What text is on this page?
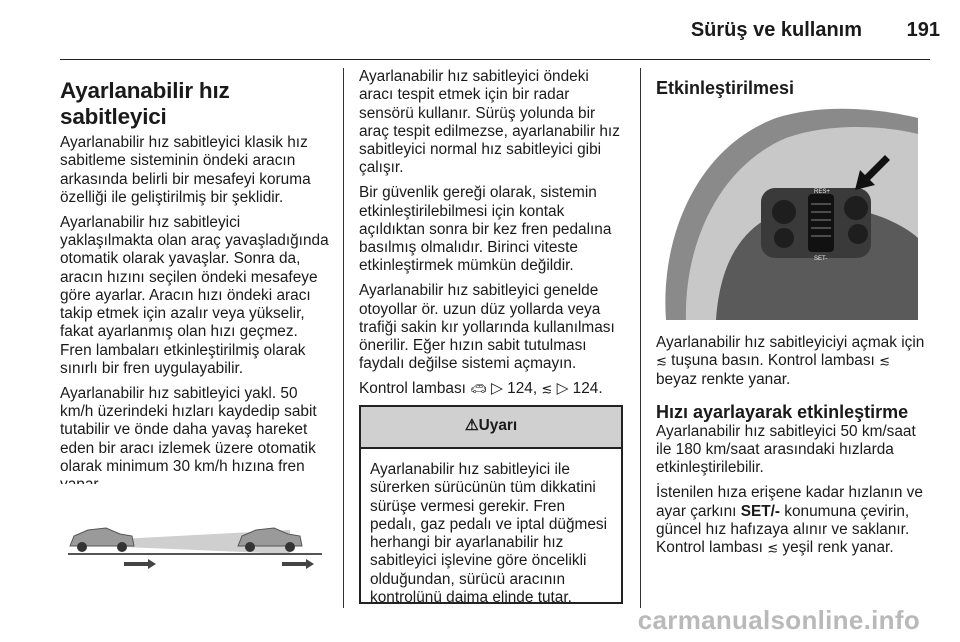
Sürüş ve kullanım 191
Ayarlanabilir hız sabitleyici

Ayarlanabilir hız sabitleyici klasik hız sabitleme sisteminin öndeki aracın arkasında belirli bir mesafeyi koruma özelliği ile geliştirilmiş bir şeklidir.

Ayarlanabilir hız sabitleyici yaklaşılmakta olan araç yavaşladığında otomatik olarak yavaşlar. Sonra da, aracın hızını seçilen öndeki mesafeye göre ayarlar. Aracın hızı öndeki aracı takip etmek için azalır veya yükselir, fakat ayarlanmış olan hızı geçmez. Fren lambaları etkinleştirilmiş olarak sınırlı bir fren uygulayabilir.

Ayarlanabilir hız sabitleyici yakl. 50 km/h üzerindeki hızları kaydedip sabit tutabilir ve önde daha yavaş hareket eden bir aracı izlemek üzere otomatik olarak minimum 30 km/h hızına fren

Ayarlanabilir hız sabitleyici öndeki aracı tespit etmek için bir radar sensörü kullanır. Sürüş yolunda bir araç tespit edilmezse, ayarlanabilir hız sabitleyici normal hız sabitleyici gibi çalışır.

Bir güvenlik gereği olarak, sistemin etkinleştirilebilmesi için kontak açıldıktan sonra bir kez fren pedalına basılmış olmalıdır. Birinci viteste etkinleştirmek mümkün değildir.

Ayarlanabilir hız sabitleyici genelde otoyollar ör. uzun düz yollarda veya trafiği sakin kır yollarında kullanılması önerilir. Eğer hızın sabit tutulması faydalı değilse sistemi açmayın.

Kontrol lambası 🚗︎ ▷ 124, ≲ ▷ 124.

⚠Uyarı
Ayarlanabilir hız sabitleyici ile sürerken sürücünün tüm dikkatini sürüşe vermesi gerekir. Fren pedalı, gaz pedalı ve iptal düğmesi herhangi bir ayarlanabilir hız sabitleyici işlevine göre öncelikli olduğundan, sürücü aracının kontrolünü daima elinde tutar.
Etkinleştirilmesi
RES+
SET-

Ayarlanabilir hız sabitleyiciyi açmak için ≲ tuşuna basın. Kontrol lambası ≲ beyaz renkte yanar.

Hızı ayarlayarak etkinleştirme

Ayarlanabilir hız sabitleyici 50 km/saat ile 180 km/saat arasındaki hızlarda etkinleştirilebilir.

İstenilen hıza erişene kadar hızlanın ve ayar çarkını SET/- konumuna çevirin, güncel hız hafızaya alınır ve saklanır. Kontrol lambası ≲ yeşil renk yanar.

carmanualsonline.info
